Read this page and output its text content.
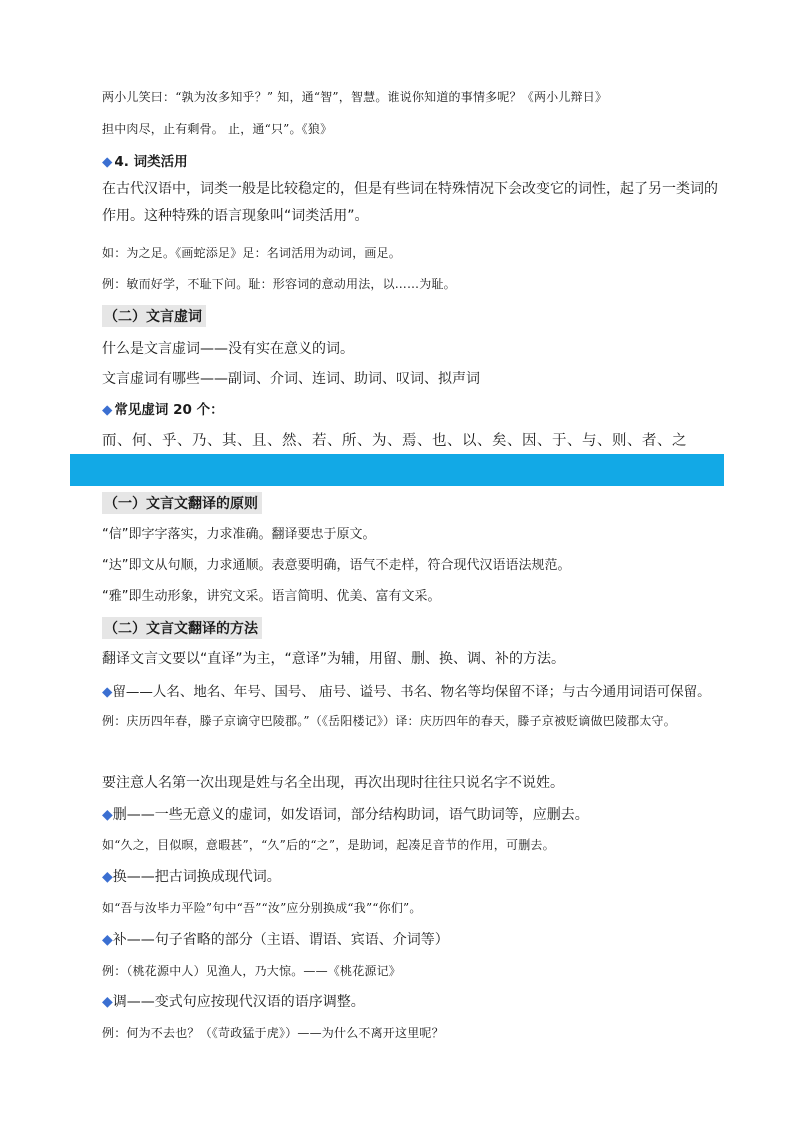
两小儿笑曰：“孰为汝多知乎？” 知，通“智”，智慧。谁说你知道的事情多呢？《两小儿辩日》
担中肉尽，止有剩骨。 止，通“只”。《狼》
◆ 4. 词类活用
在古代汉语中，词类一般是比较稳定的，但是有些词在特殊情况下会改变它的词性，起了另一类词的作用。这种特殊的语言现象叫“词类活用”。
如：为之足。《画蛇添足》足：名词活用为动词，画足。
例：敏而好学，不耻下问。耻：形容词的意动用法，以……为耻。
（二）文言虚词
什么是文言虚词——没有实在意义的词。
文言虚词有哪些——副词、介词、连词、助词、叹词、拟声词
◆ 常见虚词 20 个：
而、何、乎、乃、其、且、然、若、所、为、焉、也、以、矣、因、于、与、则、者、之
（一）文言文翻译的原则
“信”即字字落实，力求准确。翻译要忠于原文。
“达”即文从句顺，力求通顺。表意要明确，语气不走样，符合现代汉语语法规范。
“雅”即生动形象，讲究文采。语言简明、优美、富有文采。
（二）文言文翻译的方法
翻译文言文要以“直译”为主，“意译”为辅，用留、删、换、调、补的方法。
◆留——人名、地名、年号、国号、 庙号、谥号、书名、物名等均保留不译；与古今通用词语可保留。
例：庆历四年春，滕子京谪守巴陵郡。”（《岳阳楼记》）译：庆历四年的春天，滕子京被贬谪做巴陵郡太守。
要注意人名第一次出现是姓与名全出现，再次出现时往往只说名字不说姓。
◆删——一些无意义的虚词，如发语词，部分结构助词，语气助词等，应删去。
如“久之，目似暝，意暇甚”，“久”后的“之”，是助词，起凑足音节的作用，可删去。
◆换——把古词换成现代词。
如“吾与汝毕力平险”句中“吾”“汝”应分别换成“我”“你们”。
◆补——句子省略的部分（主语、谓语、宾语、介词等）
例：（桃花源中人）见渔人，乃大惊。——《桃花源记》
◆调——变式句应按现代汉语的语序调整。
例：何为不去也？（《苛政猛于虎》）——为什么不离开这里呢？
